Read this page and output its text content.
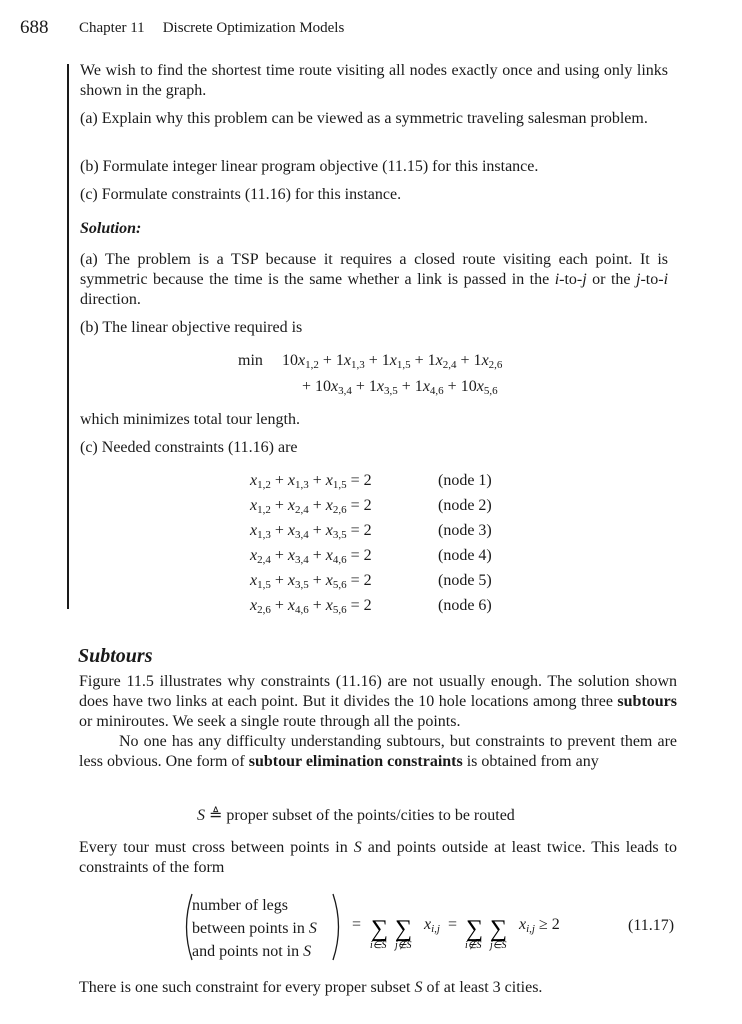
688 Chapter 11 Discrete Optimization Models
We wish to find the shortest time route visiting all nodes exactly once and using only links shown in the graph.
(a) Explain why this problem can be viewed as a symmetric traveling salesman problem.
(b) Formulate integer linear program objective (11.15) for this instance.
(c) Formulate constraints (11.16) for this instance.
Solution:
(a) The problem is a TSP because it requires a closed route visiting each point. It is symmetric because the time is the same whether a link is passed in the i-to-j or the j-to-i direction.
(b) The linear objective required is
$\min 10x_{1,2} + 1x_{1,3} + 1x_{1,5} + 1x_{2,4} + 1x_{2,6}$
+ $10x_{3,4} + 1x_{3,5} + 1x_{4,6} + 10x_{5,6}$
which minimizes total tour length.
(c) Needed constraints (11.16) are
$x_{1,2} + x_{1,3} + x_{1,5} = 2$	(node 1)
$x_{1,2} + x_{2,4} + x_{2,6} = 2$	(node 2)
$x_{1,3} + x_{3,4} + x_{3,5} = 2$	(node 3)
$x_{2,4} + x_{3,4} + x_{4,6} = 2$	(node 4)
$x_{1,5} + x_{3,5} + x_{5,6} = 2$	(node 5)
$x_{2,6} + x_{4,6} + x_{5,6} = 2$	(node 6)
Subtours
Figure 11.5 illustrates why constraints (11.16) are not usually enough. The solution shown does have two links at each point. But it divides the 10 hole locations among three subtours or miniroutes. We seek a single route through all the points.
No one has any difficulty understanding subtours, but constraints to prevent them are less obvious. One form of subtour elimination constraints is obtained from any
S ≜ proper subset of the points/cities to be routed
Every tour must cross between points in S and points outside at least twice. This leads to constraints of the form
number of legs
between points in S
and points not in S
= ∑ ∑
i∈S j∉S
$x_{i,j}$ = ∑ ∑
i∉S j∈S
$x_{i,j} \ge 2$	(11.17)
There is one such constraint for every proper subset S of at least 3 cities.
